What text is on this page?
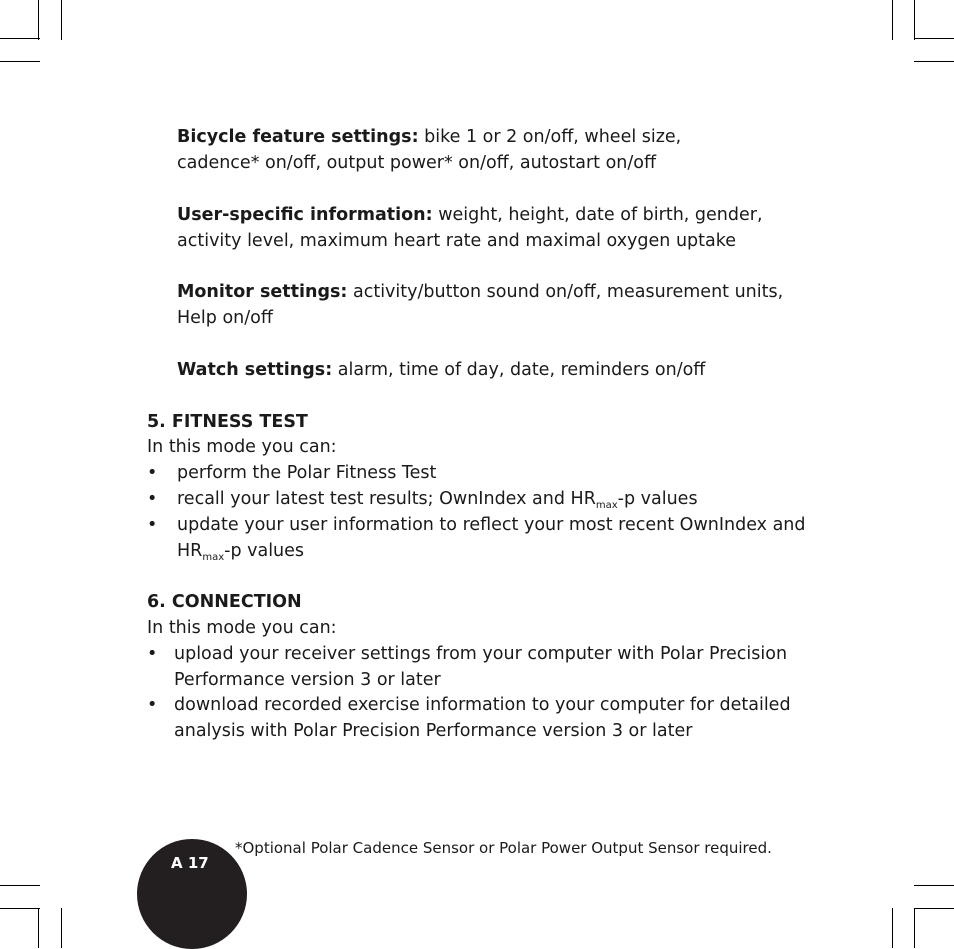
Bicycle feature settings: bike 1 or 2 on/off, wheel size,
cadence* on/off, output power* on/off, autostart on/off
User-specific information: weight, height, date of birth, gender,
activity level, maximum heart rate and maximal oxygen uptake
Monitor settings: activity/button sound on/off, measurement units,
Help on/off
Watch settings: alarm, time of day, date, reminders on/off
5. FITNESS TEST
In this mode you can:
• perform the Polar Fitness Test
• recall your latest test results; OwnIndex and $HR_{max}-p$ values
• update your user information to reflect your most recent OwnIndex and
$HR_{max}-p$ values
6. CONNECTION
In this mode you can:
• upload your receiver settings from your computer with Polar Precision
Performance version 3 or later
• download recorded exercise information to your computer for detailed
analysis with Polar Precision Performance version 3 or later
A 17
*Optional Polar Cadence Sensor or Polar Power Output Sensor required.
